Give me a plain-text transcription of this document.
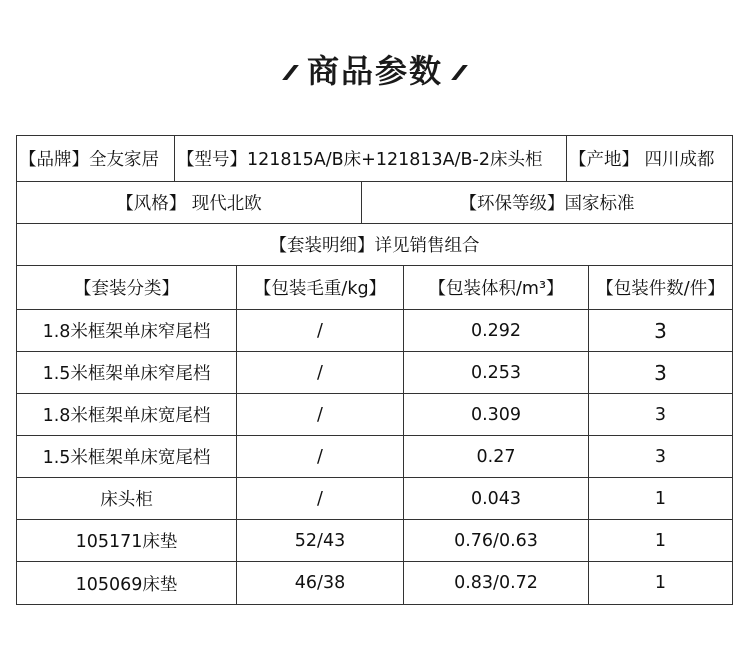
商品参数
【品牌】全友家居	【型号】121815A/B床+121813A/B-2床头柜	【产地】 四川成都
【风格】 现代北欧	【环保等级】国家标准
【套装明细】详见销售组合
【套装分类】	【包装毛重/kg】	【包装体积/m³】	【包装件数/件】
1.8米框架单床窄尾档	/	0.292	3
1.5米框架单床窄尾档	/	0.253	3
1.8米框架单床宽尾档	/	0.309	3
1.5米框架单床宽尾档	/	0.27	3
床头柜	/	0.043	1
105171床垫	52/43	0.76/0.63	1
105069床垫	46/38	0.83/0.72	1
